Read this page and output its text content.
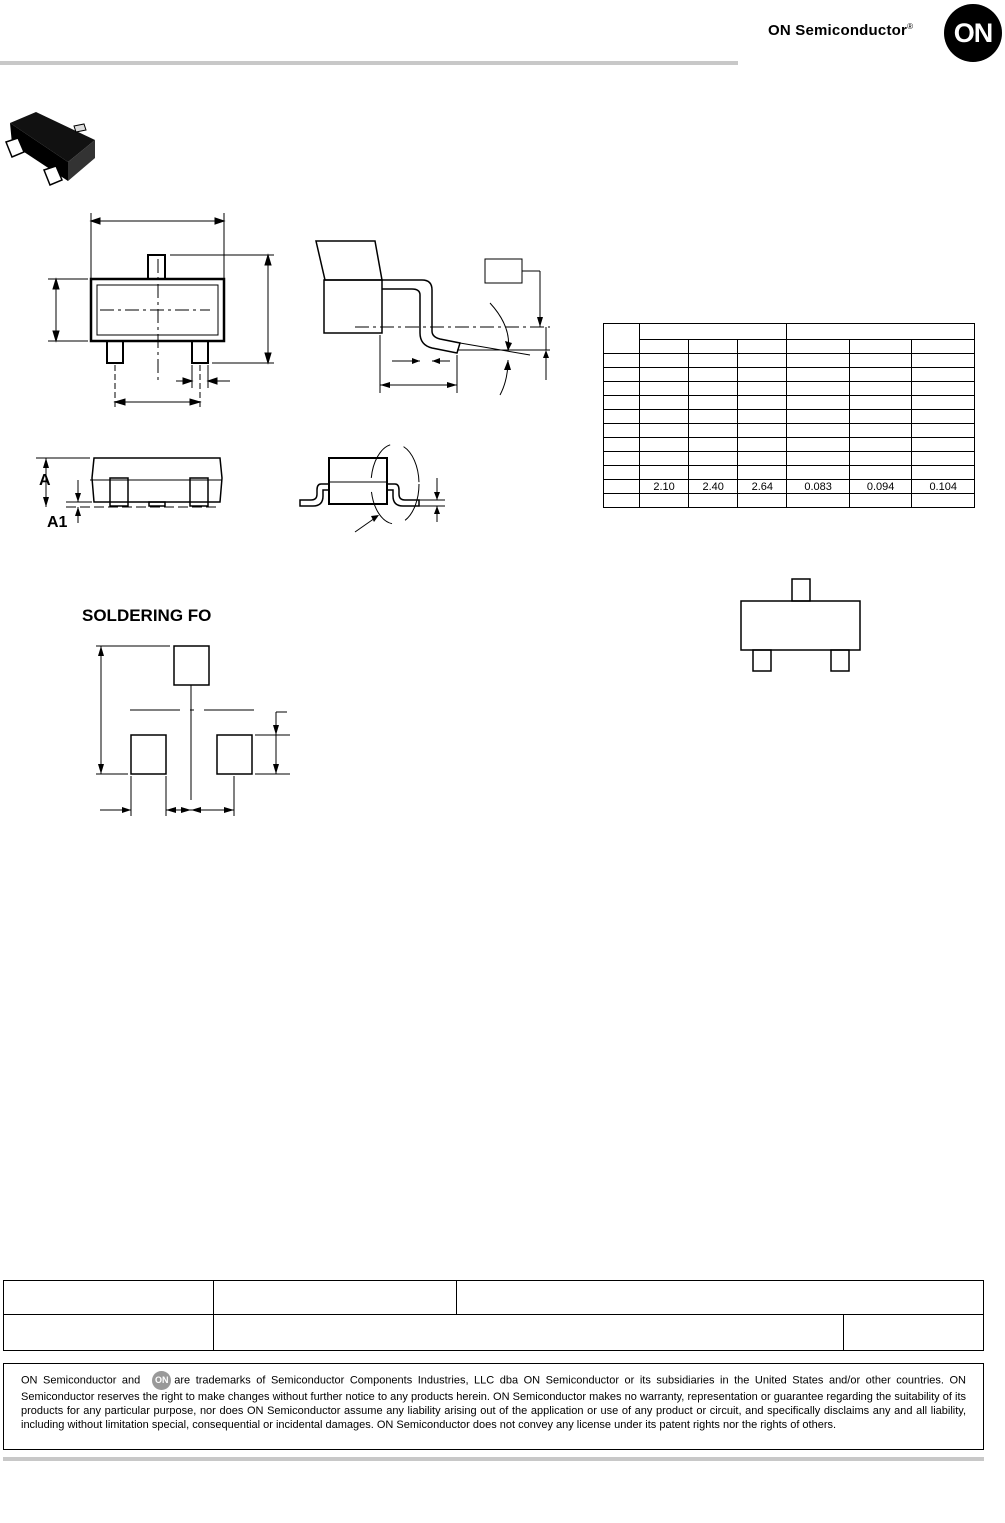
ON Semiconductor®	ON
A
A1

	2.10	2.40	2.64	0.083	0.094	0.104

SOLDERING FO
ON Semiconductor and ON are trademarks of Semiconductor Components Industries, LLC dba ON Semiconductor or its subsidiaries in the United States and/or other countries. ON Semiconductor reserves the right to make changes without further notice to any products herein. ON Semiconductor makes no warranty, representation or guarantee regarding the suitability of its products for any particular purpose, nor does ON Semiconductor assume any liability arising out of the application or use of any product or circuit, and specifically disclaims any and all liability, including without limitation special, consequential or incidental damages. ON Semiconductor does not convey any license under its patent rights nor the rights of others.
